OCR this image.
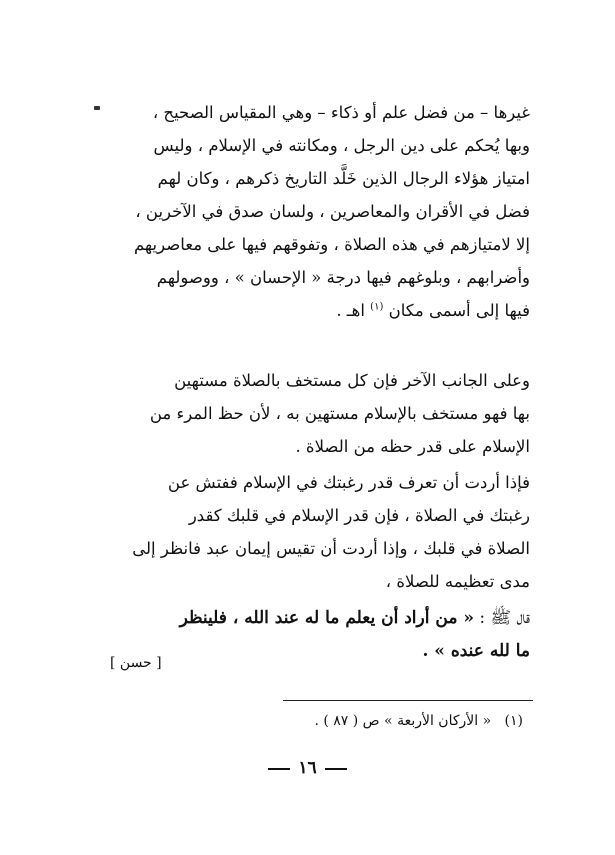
غيرها – من فضل علم أو ذكاء – وهي المقياس الصحيح ،
وبها يُحكم على دين الرجل ، ومكانته في الإسلام ، وليس
امتياز هؤلاء الرجال الذين خَلَّد التاريخ ذكرهم ، وكان لهم
فضل في الأقران والمعاصرين ، ولسان صدق في الآخرين ،
إلا لامتيازهم في هذه الصلاة ، وتفوقهم فيها على معاصريهم
وأضرابهم ، وبلوغهم فيها درجة « الإحسان » ، ووصولهم
فيها إلى أسمى مكان $^{(١)}$ اهـ .
وعلى الجانب الآخر فإن كل مستخف بالصلاة مستهين
بها فهو مستخف بالإسلام مستهين به ، لأن حظ المرء من
الإسلام على قدر حظه من الصلاة .
فإذا أردت أن تعرف قدر رغبتك في الإسلام ففتش عن
رغبتك في الصلاة ، فإن قدر الإسلام في قلبك كقدر
الصلاة في قلبك ، وإذا أردت أن تقيس إيمان عبد فانظر إلى
مدى تعظيمه للصلاة ،
قال ﷺ : « من أراد أن يعلم ما له عند الله ، فلينظر
ما لله عنده » .
[ حسن ]
(١)   « الأركان الأربعة » ص ( ٨٧ ) .
١٦
